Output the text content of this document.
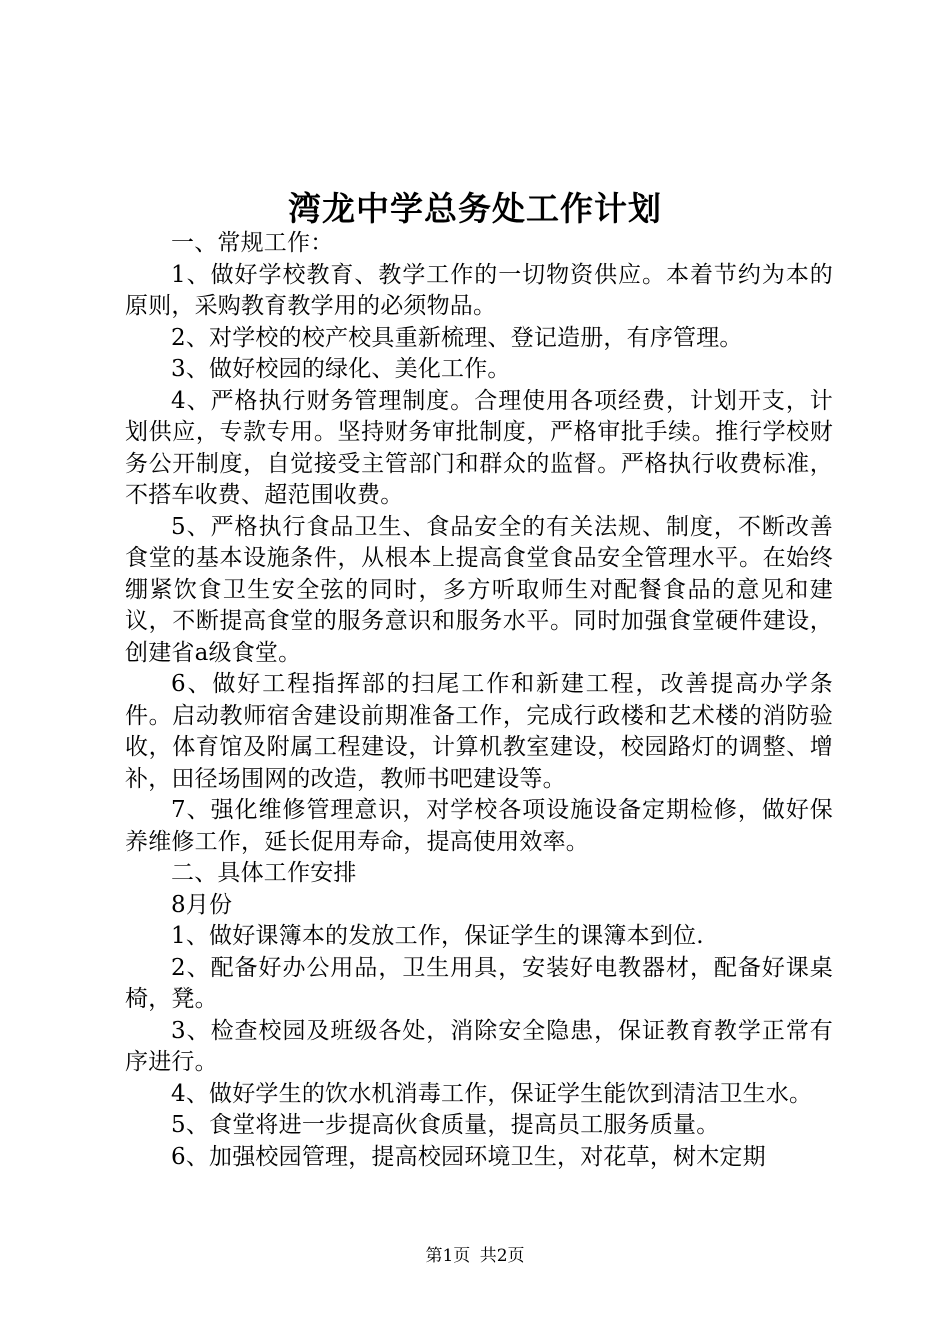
湾龙中学总务处工作计划

一、常规工作：

1、做好学校教育、教学工作的一切物资供应。本着节约为本的原则，采购教育教学用的必须物品。

2、对学校的校产校具重新梳理、登记造册，有序管理。

3、做好校园的绿化、美化工作。

4、严格执行财务管理制度。合理使用各项经费，计划开支，计划供应，专款专用。坚持财务审批制度，严格审批手续。推行学校财务公开制度，自觉接受主管部门和群众的监督。严格执行收费标准，不搭车收费、超范围收费。

5、严格执行食品卫生、食品安全的有关法规、制度，不断改善食堂的基本设施条件，从根本上提高食堂食品安全管理水平。在始终绷紧饮食卫生安全弦的同时，多方听取师生对配餐食品的意见和建议，不断提高食堂的服务意识和服务水平。同时加强食堂硬件建设，创建省a级食堂。

6、做好工程指挥部的扫尾工作和新建工程，改善提高办学条件。启动教师宿舍建设前期准备工作，完成行政楼和艺术楼的消防验收，体育馆及附属工程建设，计算机教室建设，校园路灯的调整、增补，田径场围网的改造，教师书吧建设等。

7、强化维修管理意识，对学校各项设施设备定期检修，做好保养维修工作，延长促用寿命，提高使用效率。

二、具体工作安排

8月份

1、做好课簿本的发放工作，保证学生的课簿本到位.

2、配备好办公用品，卫生用具，安装好电教器材，配备好课桌椅，凳。

3、检查校园及班级各处，消除安全隐患，保证教育教学正常有序进行。

4、做好学生的饮水机消毒工作，保证学生能饮到清洁卫生水。

5、食堂将进一步提高伙食质量，提高员工服务质量。

6、加强校园管理，提高校园环境卫生，对花草，树木定期

第1页 共2页
